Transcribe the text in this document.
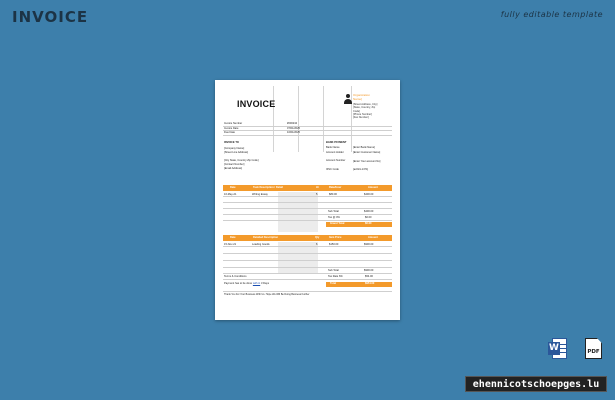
INVOICE	fully editable template
INVOICE
Organization
Name]
[Street Address, City]
[State, Country, Zip
Code]
[Phone Number]
[Fax Number]
Invoice Number	#000234
Invoice Date	07/01/2025
Due Date	10/01/2025
INVOICE TO
[Company Name]
[Street Line Address]
[City State, Country Zip Code]
[Contact Number]
[Email Address]
BANK PAYMENT
Bank Name	[Enter Bank Name]
Account Holder	[Enter Customer Name]
Account Number	[Enter Your account No]
IFSC Code	[ac0d1-1471]
Date	Task Description / Detail	Hr	Rate/Hour	Amount
16-May-21	Writing Essay	5	$80.00	$400.00
Sub Total	$400.00
Tax @ 0%	$0.00
Grand Total	$0.00
Date	Detailed Description	Qty	Item Price	Amount
15-Nov-21	Loading Goods	6	$150.00	$900.00
Sub Total	$900.00
Terms & Conditions	Tax Rate 6%	$54.00
Payment has to be done with in 3 Days	Total	$954.00
Thank You For Your Business With Us. Hope We Will Be Doing Business Further
W	PDF
ehennicotschoepges.lu
